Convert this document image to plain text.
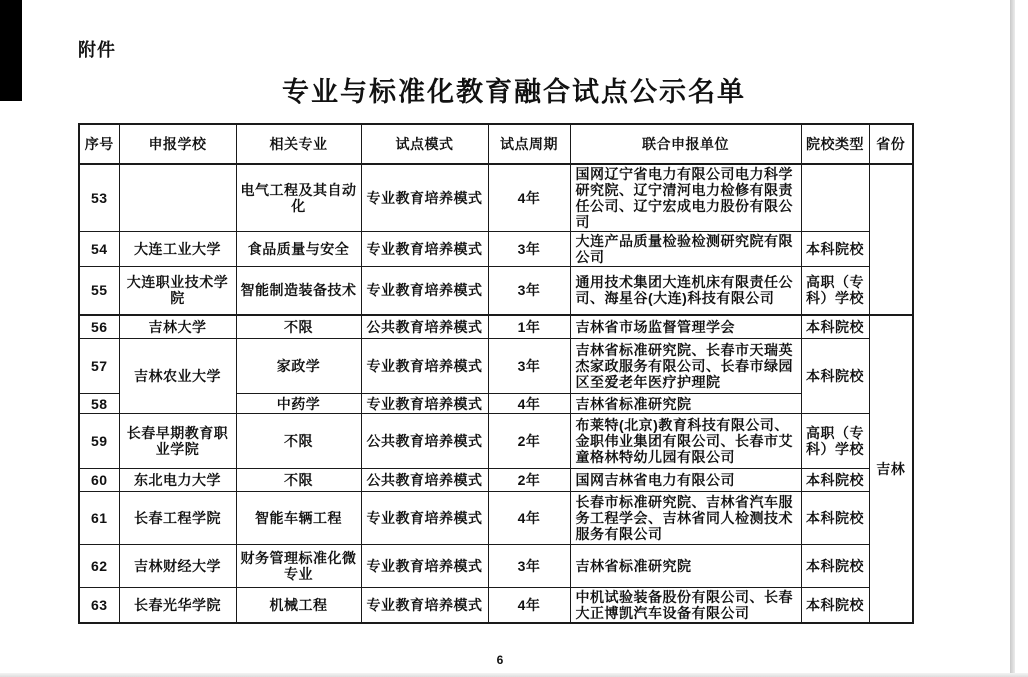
附件
专业与标准化教育融合试点公示名单
序号	申报学校	相关专业	试点模式	试点周期	联合申报单位	院校类型	省份
53		电气工程及其自动化	专业教育培养模式	4年	国网辽宁省电力有限公司电力科学研究院、辽宁清河电力检修有限责任公司、辽宁宏成电力股份有限公司		
54	大连工业大学	食品质量与安全	专业教育培养模式	3年	大连产品质量检验检测研究院有限公司	本科院校	
55	大连职业技术学院	智能制造装备技术	专业教育培养模式	3年	通用技术集团大连机床有限责任公司、海星谷(大连)科技有限公司	高职（专科）学校	
56	吉林大学	不限	公共教育培养模式	1年	吉林省市场监督管理学会	本科院校	吉林
57	吉林农业大学	家政学	专业教育培养模式	3年	吉林省标准研究院、长春市天瑞英杰家政服务有限公司、长春市绿园区至爱老年医疗护理院	本科院校	
58		中药学	专业教育培养模式	4年	吉林省标准研究院		
59	长春早期教育职业学院	不限	公共教育培养模式	2年	布莱特(北京)教育科技有限公司、金职伟业集团有限公司、长春市艾童格林特幼儿园有限公司	高职（专科）学校	
60	东北电力大学	不限	公共教育培养模式	2年	国网吉林省电力有限公司	本科院校	
61	长春工程学院	智能车辆工程	专业教育培养模式	4年	长春市标准研究院、吉林省汽车服务工程学会、吉林省同人检测技术服务有限公司	本科院校	
62	吉林财经大学	财务管理标准化微专业	专业教育培养模式	3年	吉林省标准研究院	本科院校	
63	长春光华学院	机械工程	专业教育培养模式	4年	中机试验装备股份有限公司、长春大正博凯汽车设备有限公司	本科院校	
6
